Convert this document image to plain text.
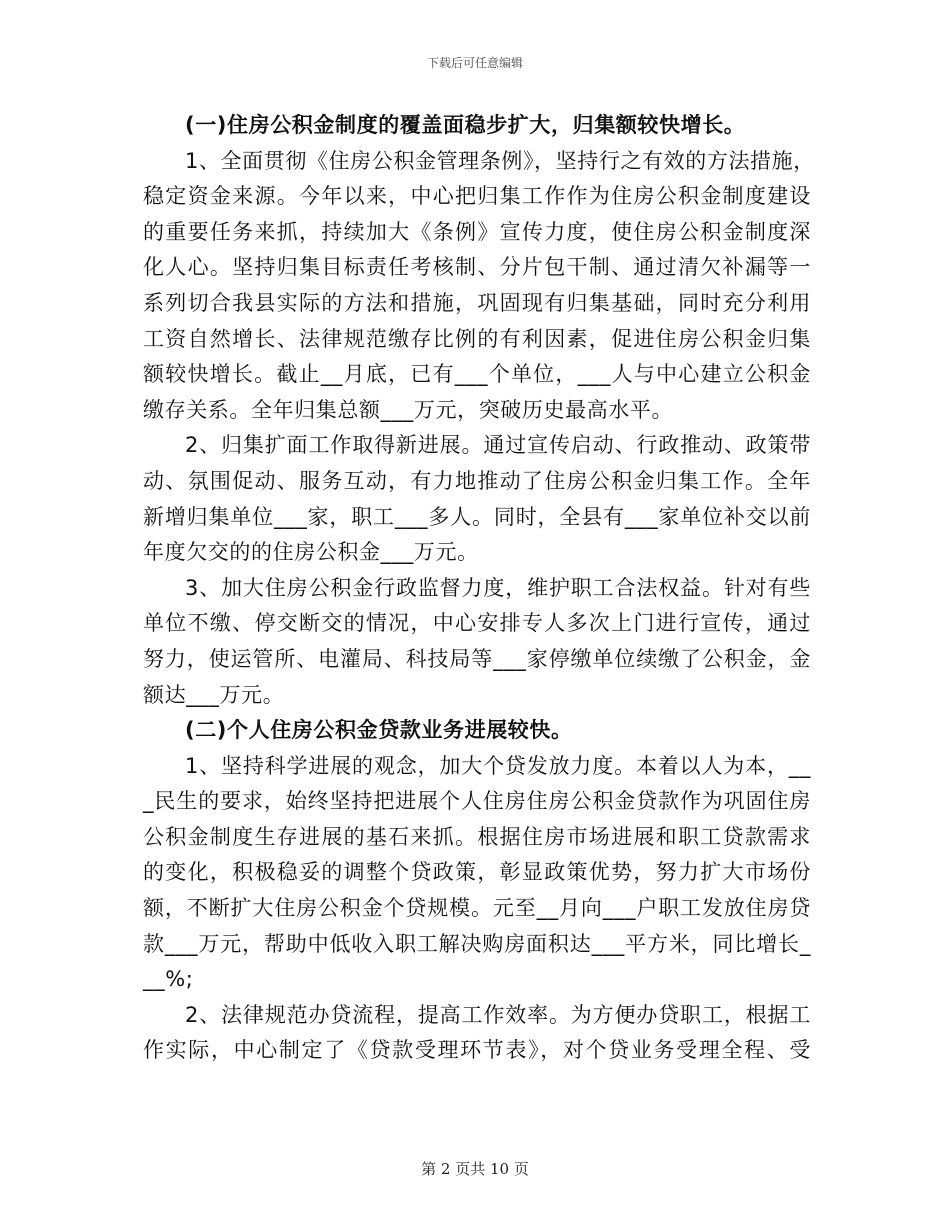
下载后可任意编辑
(一)住房公积金制度的覆盖面稳步扩大，归集额较快增长。
1、全面贯彻《住房公积金管理条例》，坚持行之有效的方法措施，
稳定资金来源。今年以来，中心把归集工作作为住房公积金制度建设
的重要任务来抓，持续加大《条例》宣传力度，使住房公积金制度深
化人心。坚持归集目标责任考核制、分片包干制、通过清欠补漏等一
系列切合我县实际的方法和措施，巩固现有归集基础，同时充分利用
工资自然增长、法律规范缴存比例的有利因素，促进住房公积金归集
额较快增长。截止__月底，已有___个单位，___人与中心建立公积金
缴存关系。全年归集总额___万元，突破历史最高水平。
2、归集扩面工作取得新进展。通过宣传启动、行政推动、政策带
动、氛围促动、服务互动，有力地推动了住房公积金归集工作。全年
新增归集单位___家，职工___多人。同时，全县有___家单位补交以前
年度欠交的的住房公积金___万元。
3、加大住房公积金行政监督力度，维护职工合法权益。针对有些
单位不缴、停交断交的情况，中心安排专人多次上门进行宣传，通过
努力，使运管所、电灌局、科技局等___家停缴单位续缴了公积金，金
额达___万元。
(二)个人住房公积金贷款业务进展较快。
1、坚持科学进展的观念，加大个贷发放力度。本着以人为本，__
_民生的要求，始终坚持把进展个人住房住房公积金贷款作为巩固住房
公积金制度生存进展的基石来抓。根据住房市场进展和职工贷款需求
的变化，积极稳妥的调整个贷政策，彰显政策优势，努力扩大市场份
额，不断扩大住房公积金个贷规模。元至__月向___户职工发放住房贷
款___万元，帮助中低收入职工解决购房面积达___平方米，同比增长_
__%;
2、法律规范办贷流程，提高工作效率。为方便办贷职工，根据工
作实际，中心制定了《贷款受理环节表》，对个贷业务受理全程、受
第 2 页共 10 页
